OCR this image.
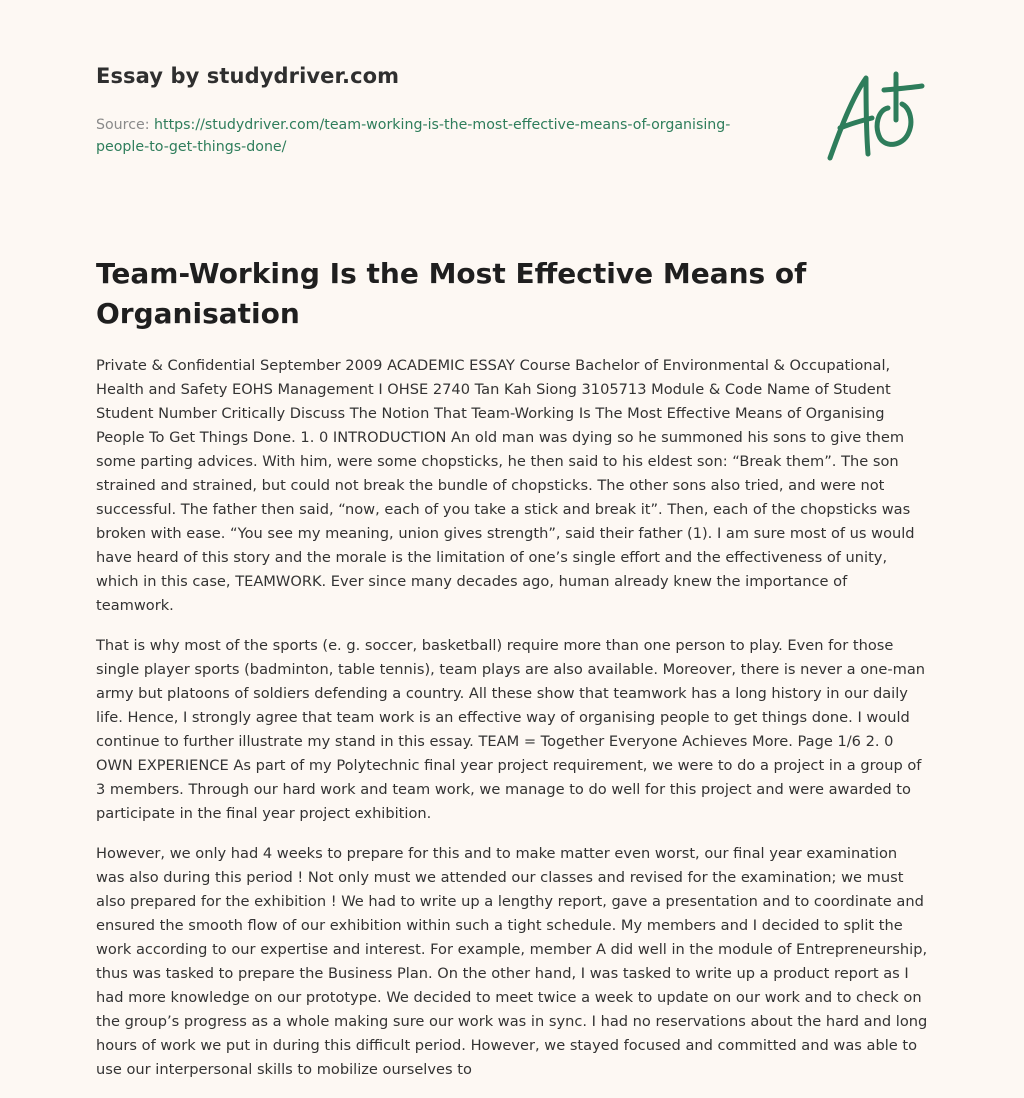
Essay by studydriver.com

Source: https://studydriver.com/team-working-is-the-most-effective-means-of-organising-people-to-get-things-done/
Team-Working Is the Most Effective Means of Organisation

Private & Confidential September 2009 ACADEMIC ESSAY Course Bachelor of Environmental & Occupational, Health and Safety EOHS Management I OHSE 2740 Tan Kah Siong 3105713 Module & Code Name of Student Student Number Critically Discuss The Notion That Team-Working Is The Most Effective Means of Organising People To Get Things Done. 1. 0 INTRODUCTION An old man was dying so he summoned his sons to give them some parting advices. With him, were some chopsticks, he then said to his eldest son: “Break them”. The son strained and strained, but could not break the bundle of chopsticks. The other sons also tried, and were not successful. The father then said, “now, each of you take a stick and break it”. Then, each of the chopsticks was broken with ease. “You see my meaning, union gives strength”, said their father (1). I am sure most of us would have heard of this story and the morale is the limitation of one’s single effort and the effectiveness of unity, which in this case, TEAMWORK. Ever since many decades ago, human already knew the importance of teamwork.

That is why most of the sports (e. g. soccer, basketball) require more than one person to play. Even for those single player sports (badminton, table tennis), team plays are also available. Moreover, there is never a one-man army but platoons of soldiers defending a country. All these show that teamwork has a long history in our daily life. Hence, I strongly agree that team work is an effective way of organising people to get things done. I would continue to further illustrate my stand in this essay. TEAM = Together Everyone Achieves More. Page 1/6 2. 0 OWN EXPERIENCE As part of my Polytechnic final year project requirement, we were to do a project in a group of 3 members. Through our hard work and team work, we manage to do well for this project and were awarded to participate in the final year project exhibition.

However, we only had 4 weeks to prepare for this and to make matter even worst, our final year examination was also during this period ! Not only must we attended our classes and revised for the examination; we must also prepared for the exhibition ! We had to write up a lengthy report, gave a presentation and to coordinate and ensured the smooth flow of our exhibition within such a tight schedule. My members and I decided to split the work according to our expertise and interest. For example, member A did well in the module of Entrepreneurship, thus was tasked to prepare the Business Plan. On the other hand, I was tasked to write up a product report as I had more knowledge on our prototype. We decided to meet twice a week to update on our work and to check on the group’s progress as a whole making sure our work was in sync. I had no reservations about the hard and long hours of work we put in during this difficult period. However, we stayed focused and committed and was able to use our interpersonal skills to mobilize ourselves to
